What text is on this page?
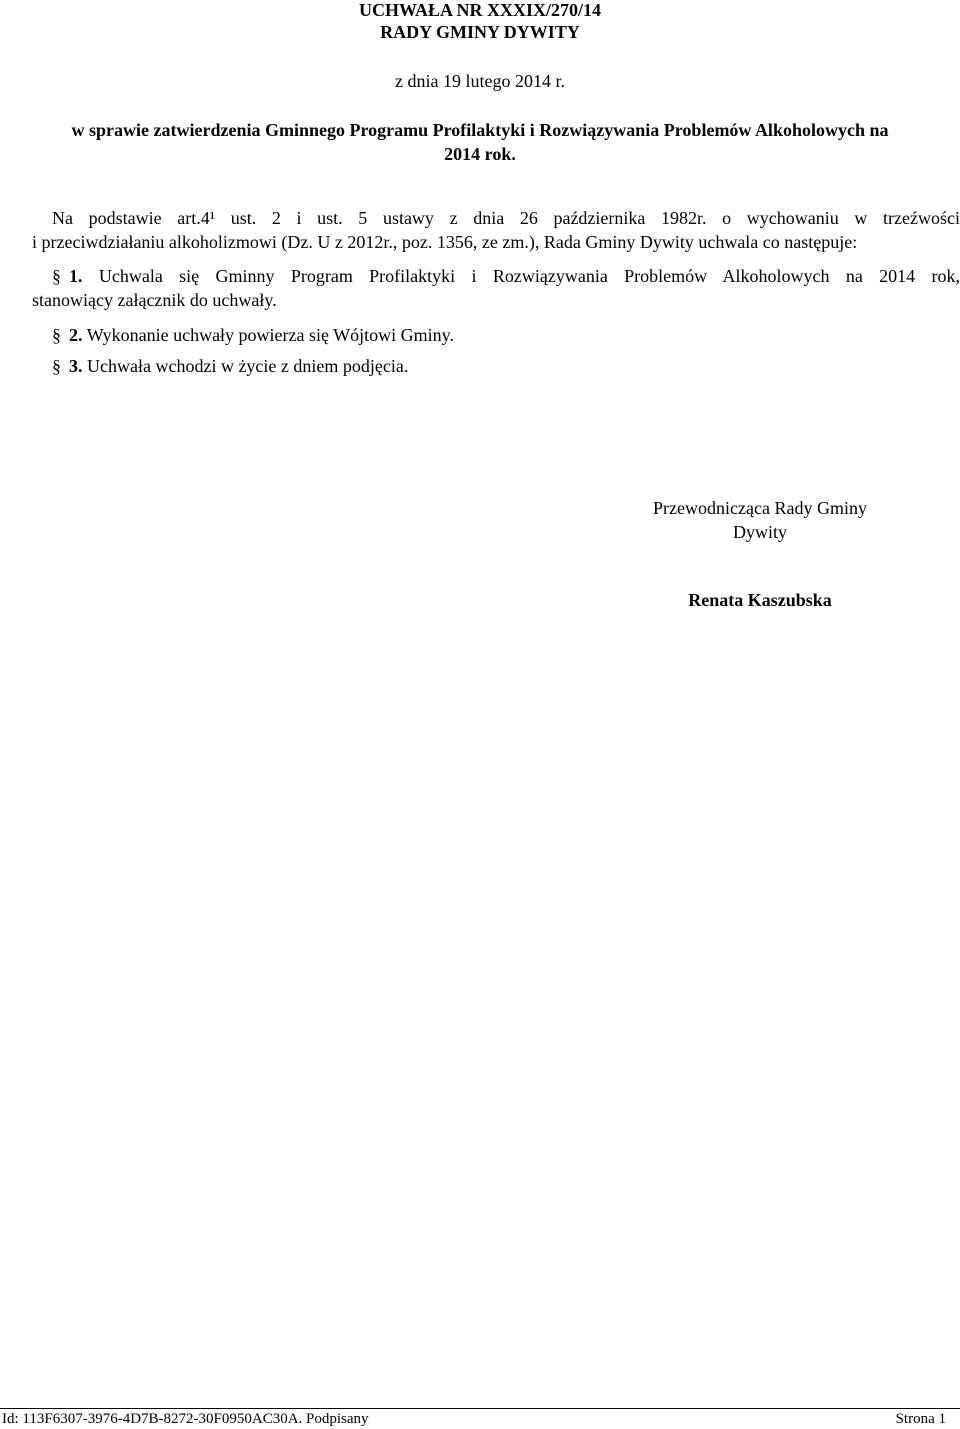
UCHWAŁA NR XXXIX/270/14
RADY GMINY DYWITY
z dnia 19 lutego 2014 r.
w sprawie zatwierdzenia Gminnego Programu Profilaktyki i Rozwiązywania Problemów Alkoholowych na
2014 rok.
Na podstawie art.4¹ ust. 2 i ust. 5 ustawy z dnia 26 października 1982r. o wychowaniu w trzeźwości
i przeciwdziałaniu alkoholizmowi (Dz. U z 2012r., poz. 1356, ze zm.), Rada Gminy Dywity uchwala co następuje:
§ 1. Uchwala się Gminny Program Profilaktyki i Rozwiązywania Problemów Alkoholowych na 2014 rok,
stanowiący załącznik do uchwały.
§ 2. Wykonanie uchwały powierza się Wójtowi Gminy.
§ 3. Uchwała wchodzi w życie z dniem podjęcia.
Przewodnicząca Rady Gminy
Dywity
Renata Kaszubska
Id: 113F6307-3976-4D7B-8272-30F0950AC30A. Podpisany	Strona 1
